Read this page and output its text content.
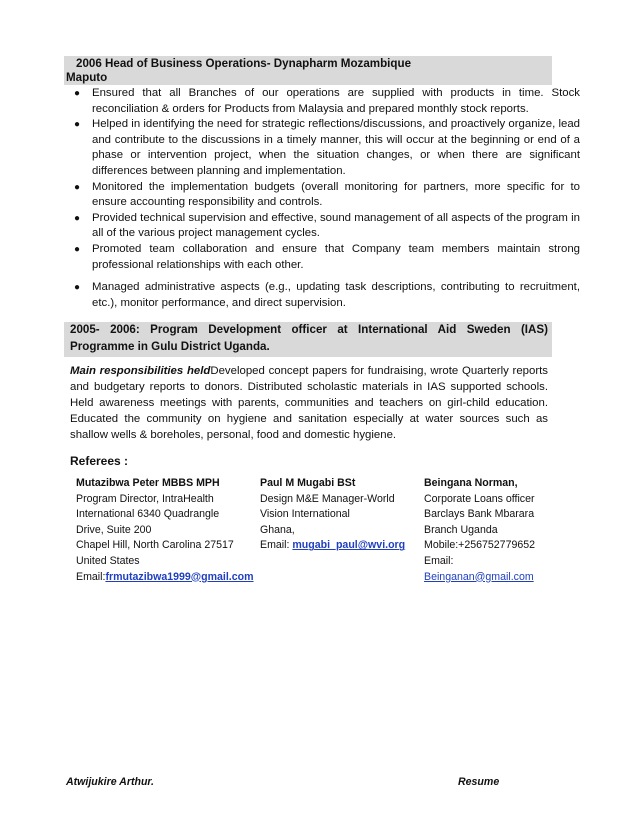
2006 Head of Business Operations- Dynapharm Mozambique
Maputo
● Ensured that all Branches of our operations are supplied with products in time. Stock reconciliation & orders for Products from Malaysia and prepared monthly stock reports.
● Helped in identifying the need for strategic reflections/discussions, and proactively organize, lead and contribute to the discussions in a timely manner, this will occur at the beginning or end of a phase or intervention project, when the situation changes, or when there are significant differences between planning and implementation.
● Monitored the implementation budgets (overall monitoring for partners, more specific for to ensure accounting responsibility and controls.
● Provided technical supervision and effective, sound management of all aspects of the program in all of the various project management cycles.
● Promoted team collaboration and ensure that Company team members maintain strong professional relationships with each other.
● Managed administrative aspects (e.g., updating task descriptions, contributing to recruitment, etc.), monitor performance, and direct supervision.
2005- 2006: Program Development officer at International Aid Sweden (IAS)
Programme in Gulu District Uganda.
Main responsibilities heldDeveloped concept papers for fundraising, wrote Quarterly reports and budgetary reports to donors. Distributed scholastic materials in IAS supported schools. Held awareness meetings with parents, communities and teachers on girl-child education. Educated the community on hygiene and sanitation especially at water sources such as shallow wells & boreholes, personal, food and domestic hygiene.
Referees :
Mutazibwa Peter MBBS MPH
Program Director, IntraHealth
International 6340 Quadrangle
Drive, Suite 200
Chapel Hill, North Carolina 27517
United States
Email:frmutazibwa1999@gmail.com
Paul M Mugabi BSt
Design M&E Manager-World
Vision International
Ghana,
Email: mugabi_paul@wvi.org
Beingana Norman,
Corporate Loans officer
Barclays Bank Mbarara
Branch Uganda
Mobile:+256752779652
Email:
Beinganan@gmail.com
Atwijukire Arthur.	Resume
